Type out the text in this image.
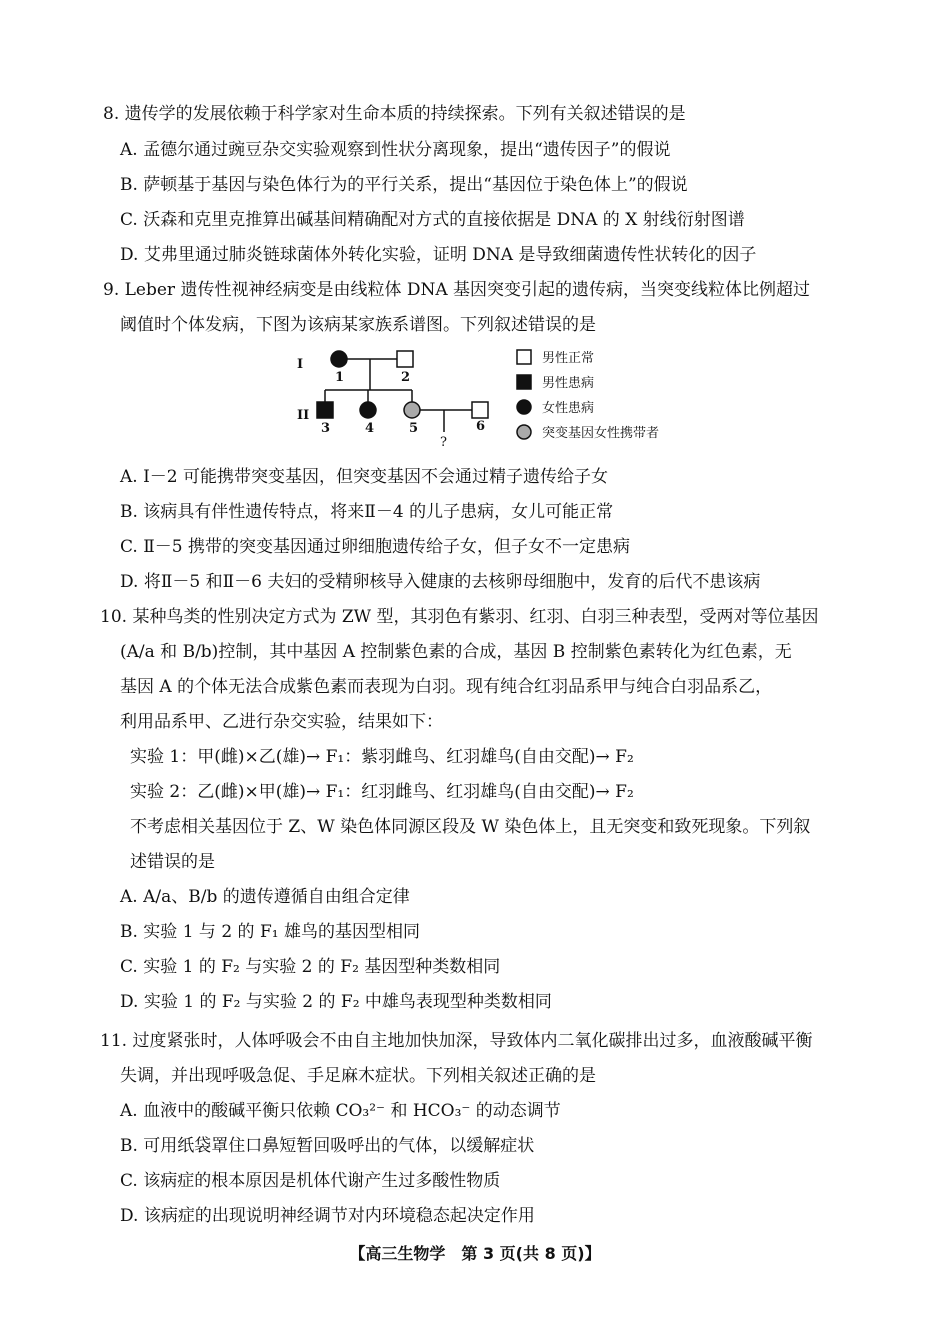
8. 遗传学的发展依赖于科学家对生命本质的持续探索。下列有关叙述错误的是
A. 孟德尔通过豌豆杂交实验观察到性状分离现象，提出“遗传因子”的假说
B. 萨顿基于基因与染色体行为的平行关系，提出“基因位于染色体上”的假说
C. 沃森和克里克推算出碱基间精确配对方式的直接依据是 DNA 的 X 射线衍射图谱
D. 艾弗里通过肺炎链球菌体外转化实验，证明 DNA 是导致细菌遗传性状转化的因子
9. Leber 遗传性视神经病变是由线粒体 DNA 基因突变引起的遗传病，当突变线粒体比例超过
阈值时个体发病，下图为该病某家族系谱图。下列叙述错误的是
I
II
1	2
3	4	5	6
?
男性正常
男性患病
女性患病
突变基因女性携带者
A. Ⅰ－2 可能携带突变基因，但突变基因不会通过精子遗传给子女
B. 该病具有伴性遗传特点，将来Ⅱ－4 的儿子患病，女儿可能正常
C. Ⅱ－5 携带的突变基因通过卵细胞遗传给子女，但子女不一定患病
D. 将Ⅱ－5 和Ⅱ－6 夫妇的受精卵核导入健康的去核卵母细胞中，发育的后代不患该病
10. 某种鸟类的性别决定方式为 ZW 型，其羽色有紫羽、红羽、白羽三种表型，受两对等位基因
(A/a 和 B/b)控制，其中基因 A 控制紫色素的合成，基因 B 控制紫色素转化为红色素，无
基因 A 的个体无法合成紫色素而表现为白羽。现有纯合红羽品系甲与纯合白羽品系乙，
利用品系甲、乙进行杂交实验，结果如下：
实验 1：甲(雌)×乙(雄)→ F₁：紫羽雌鸟、红羽雄鸟(自由交配)→ F₂
实验 2：乙(雌)×甲(雄)→ F₁：红羽雌鸟、红羽雄鸟(自由交配)→ F₂
不考虑相关基因位于 Z、W 染色体同源区段及 W 染色体上，且无突变和致死现象。下列叙
述错误的是
A. A/a、B/b 的遗传遵循自由组合定律
B. 实验 1 与 2 的 F₁ 雄鸟的基因型相同
C. 实验 1 的 F₂ 与实验 2 的 F₂ 基因型种类数相同
D. 实验 1 的 F₂ 与实验 2 的 F₂ 中雄鸟表现型种类数相同
11. 过度紧张时，人体呼吸会不由自主地加快加深，导致体内二氧化碳排出过多，血液酸碱平衡
失调，并出现呼吸急促、手足麻木症状。下列相关叙述正确的是
A. 血液中的酸碱平衡只依赖 CO₃²⁻ 和 HCO₃⁻ 的动态调节
B. 可用纸袋罩住口鼻短暂回吸呼出的气体，以缓解症状
C. 该病症的根本原因是机体代谢产生过多酸性物质
D. 该病症的出现说明神经调节对内环境稳态起决定作用
【高三生物学　第 3 页(共 8 页)】
